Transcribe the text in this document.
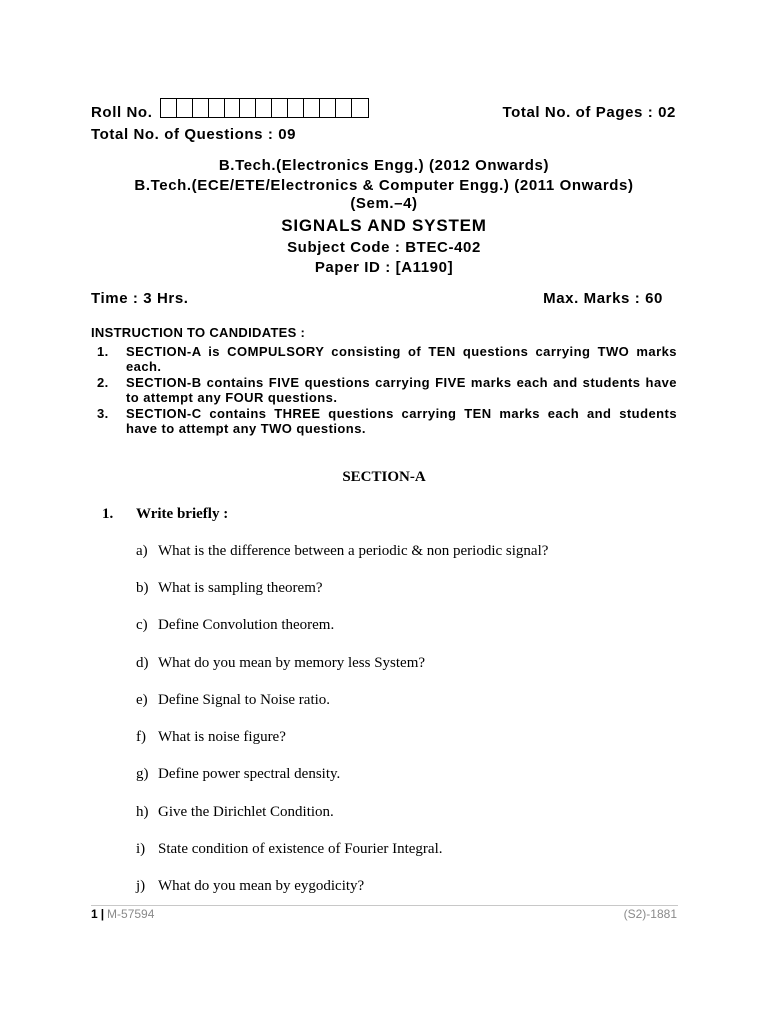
Roll No.	Total No. of Pages : 02
Total No. of Questions : 09
B.Tech.(Electronics Engg.) (2012 Onwards)
B.Tech.(ECE/ETE/Electronics & Computer Engg.) (2011 Onwards)
(Sem.–4)
SIGNALS AND SYSTEM
Subject Code : BTEC-402
Paper ID : [A1190]
Time : 3 Hrs.	Max. Marks : 60
INSTRUCTION TO CANDIDATES :
1.	SECTION-A is COMPULSORY consisting of TEN questions carrying TWO marks each.
2.	SECTION-B contains FIVE questions carrying FIVE marks each and students have to attempt any FOUR questions.
3.	SECTION-C contains THREE questions carrying TEN marks each and students have to attempt any TWO questions.
SECTION-A
1. Write briefly :
a) What is the difference between a periodic & non periodic signal?
b) What is sampling theorem?
c) Define Convolution theorem.
d) What do you mean by memory less System?
e) Define Signal to Noise ratio.
f) What is noise figure?
g) Define power spectral density.
h) Give the Dirichlet Condition.
i) State condition of existence of Fourier Integral.
j) What do you mean by eygodicity?
1 | M-57594	(S2)-1881
